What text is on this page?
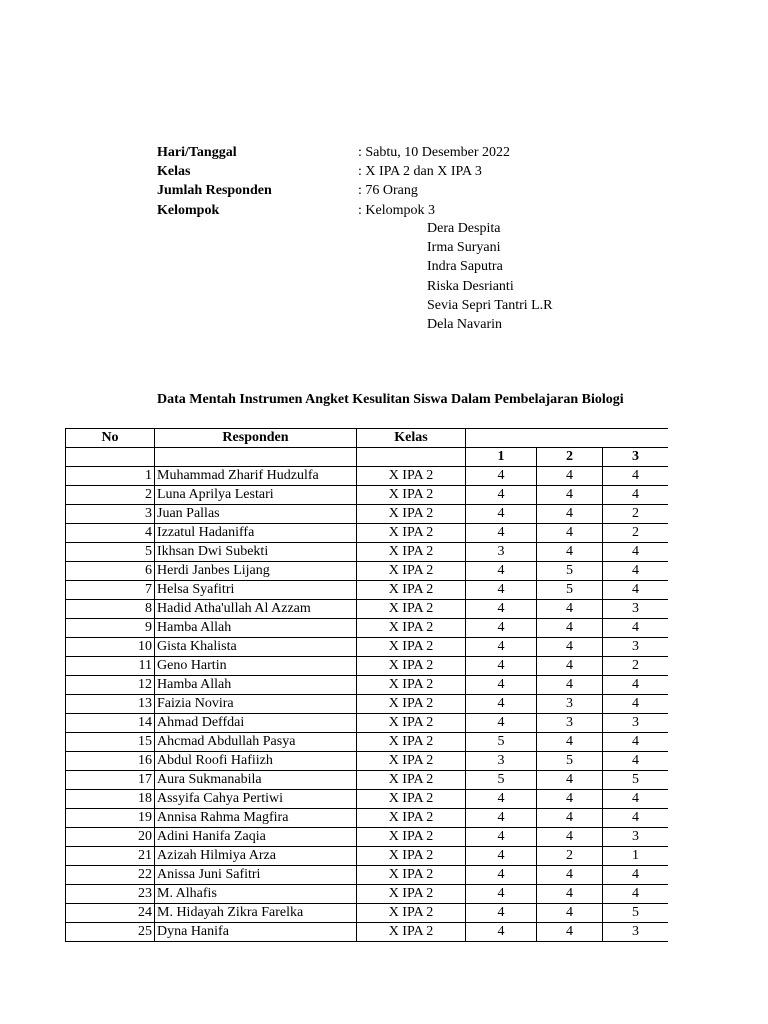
Hari/Tanggal	: Sabtu, 10 Desember 2022
Kelas	: X IPA 2 dan X IPA 3
Jumlah Responden	: 76 Orang
Kelompok	: Kelompok 3
Dera Despita
Irma Suryani
Indra Saputra
Riska Desrianti
Sevia Sepri Tantri L.R
Dela Navarin
Data Mentah Instrumen Angket Kesulitan Siswa Dalam Pembelajaran Biologi
No	Responden	Kelas				
			1	2	3	
1	Muhammad Zharif Hudzulfa	X IPA 2	4	4	4	
2	Luna Aprilya Lestari	X IPA 2	4	4	4	
3	Juan Pallas	X IPA 2	4	4	2	
4	Izzatul Hadaniffa	X IPA 2	4	4	2	
5	Ikhsan Dwi Subekti	X IPA 2	3	4	4	
6	Herdi Janbes Lijang	X IPA 2	4	5	4	
7	Helsa Syafitri	X IPA 2	4	5	4	
8	Hadid Atha'ullah Al Azzam	X IPA 2	4	4	3	
9	Hamba Allah	X IPA 2	4	4	4	
10	Gista Khalista	X IPA 2	4	4	3	
11	Geno Hartin	X IPA 2	4	4	2	
12	Hamba Allah	X IPA 2	4	4	4	
13	Faizia Novira	X IPA 2	4	3	4	
14	Ahmad Deffdai	X IPA 2	4	3	3	
15	Ahcmad Abdullah Pasya	X IPA 2	5	4	4	
16	Abdul Roofi Hafiizh	X IPA 2	3	5	4	
17	Aura Sukmanabila	X IPA 2	5	4	5	
18	Assyifa Cahya Pertiwi	X IPA 2	4	4	4	
19	Annisa Rahma Magfira	X IPA 2	4	4	4	
20	Adini Hanifa Zaqia	X IPA 2	4	4	3	
21	Azizah Hilmiya Arza	X IPA 2	4	2	1	
22	Anissa Juni Safitri	X IPA 2	4	4	4	
23	M. Alhafis	X IPA 2	4	4	4	
24	M. Hidayah Zikra Farelka	X IPA 2	4	4	5	
25	Dyna Hanifa	X IPA 2	4	4	3	
